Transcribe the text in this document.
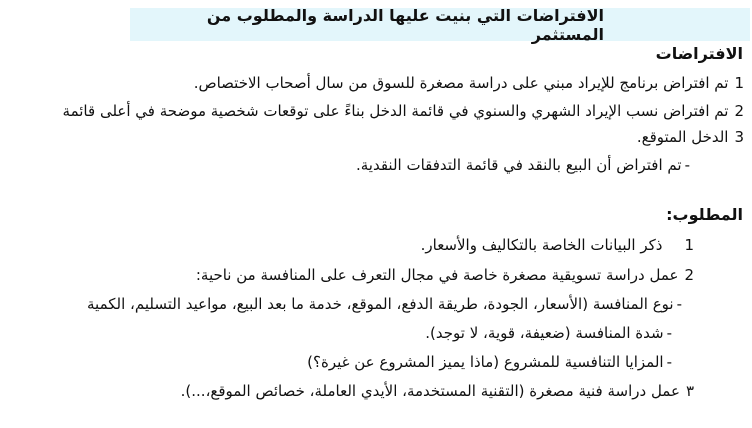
الافتراضات التي بنيت عليها الدراسة والمطلوب من المستثمر
الافتراضات
1تم افتراض برنامج للإيراد مبني على دراسة مصغرة للسوق من سال أصحاب الاختصاص.
2تم افتراض نسب الإيراد الشهري والسنوي في قائمة الدخل بناءً على توقعات شخصية موضحة في أعلى قائمة
3الدخل المتوقع.
-تم افتراض أن البيع بالنقد في قائمة التدفقات النقدية.
المطلوب:
1ذكر البيانات الخاصة بالتكاليف والأسعار.
2عمل دراسة تسويقية مصغرة خاصة في مجال التعرف على المنافسة من ناحية:
-نوع المنافسة (الأسعار، الجودة، طريقة الدفع، الموقع، خدمة ما بعد البيع، مواعيد التسليم، الكمية
-شدة المنافسة (ضعيفة، قوية، لا توجد).
-المزايا التنافسية للمشروع (ماذا يميز المشروع عن غيرة؟)
٣عمل دراسة فنية مصغرة (التقنية المستخدمة، الأيدي العاملة، خصائص الموقع،...).
